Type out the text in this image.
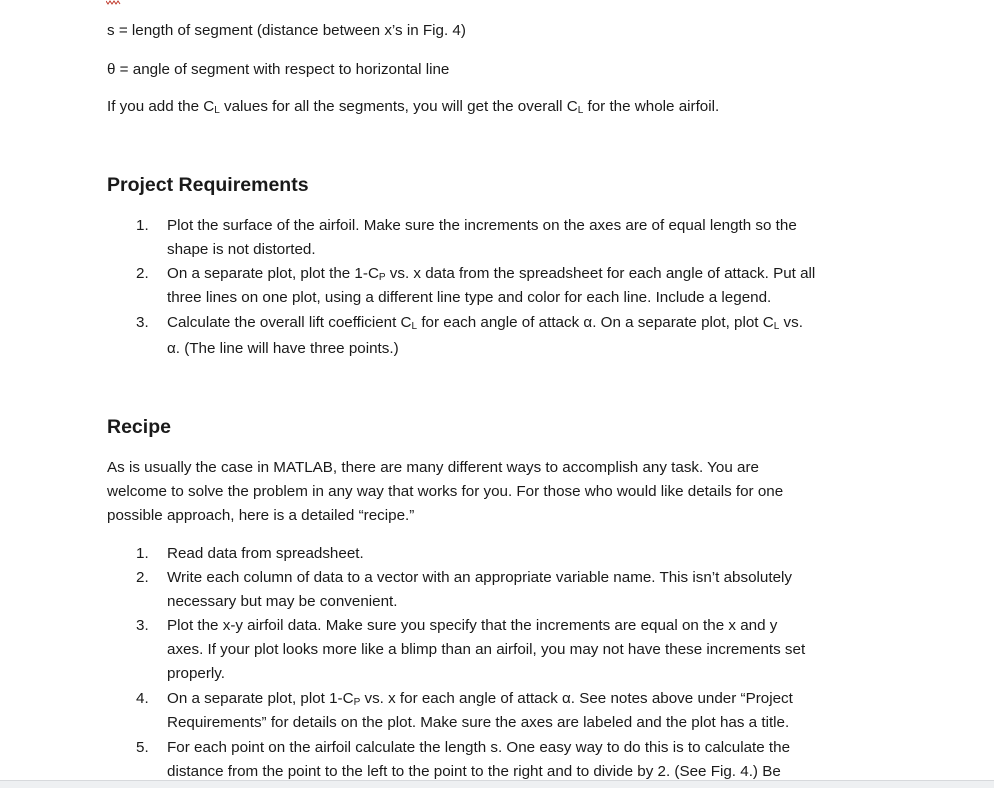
s = length of segment (distance between x’s in Fig. 4)
θ = angle of segment with respect to horizontal line
If you add the $C_L$ values for all the segments, you will get the overall $C_L$ for the whole airfoil.
Project Requirements
1. Plot the surface of the airfoil. Make sure the increments on the axes are of equal length so the
shape is not distorted.
2. On a separate plot, plot the $1-C_P$ vs. x data from the spreadsheet for each angle of attack. Put all
three lines on one plot, using a different line type and color for each line. Include a legend.
3. Calculate the overall lift coefficient $C_L$ for each angle of attack α. On a separate plot, plot $C_L$ vs.
α. (The line will have three points.)
Recipe
As is usually the case in MATLAB, there are many different ways to accomplish any task. You are
welcome to solve the problem in any way that works for you. For those who would like details for one
possible approach, here is a detailed “recipe.”
1. Read data from spreadsheet.
2. Write each column of data to a vector with an appropriate variable name. This isn’t absolutely
necessary but may be convenient.
3. Plot the x-y airfoil data. Make sure you specify that the increments are equal on the x and y
axes. If your plot looks more like a blimp than an airfoil, you may not have these increments set
properly.
4. On a separate plot, plot $1-C_P$ vs. x for each angle of attack α. See notes above under “Project
Requirements” for details on the plot. Make sure the axes are labeled and the plot has a title.
5. For each point on the airfoil calculate the length s. One easy way to do this is to calculate the
distance from the point to the left to the point to the right and to divide by 2. (See Fig. 4.) Be
